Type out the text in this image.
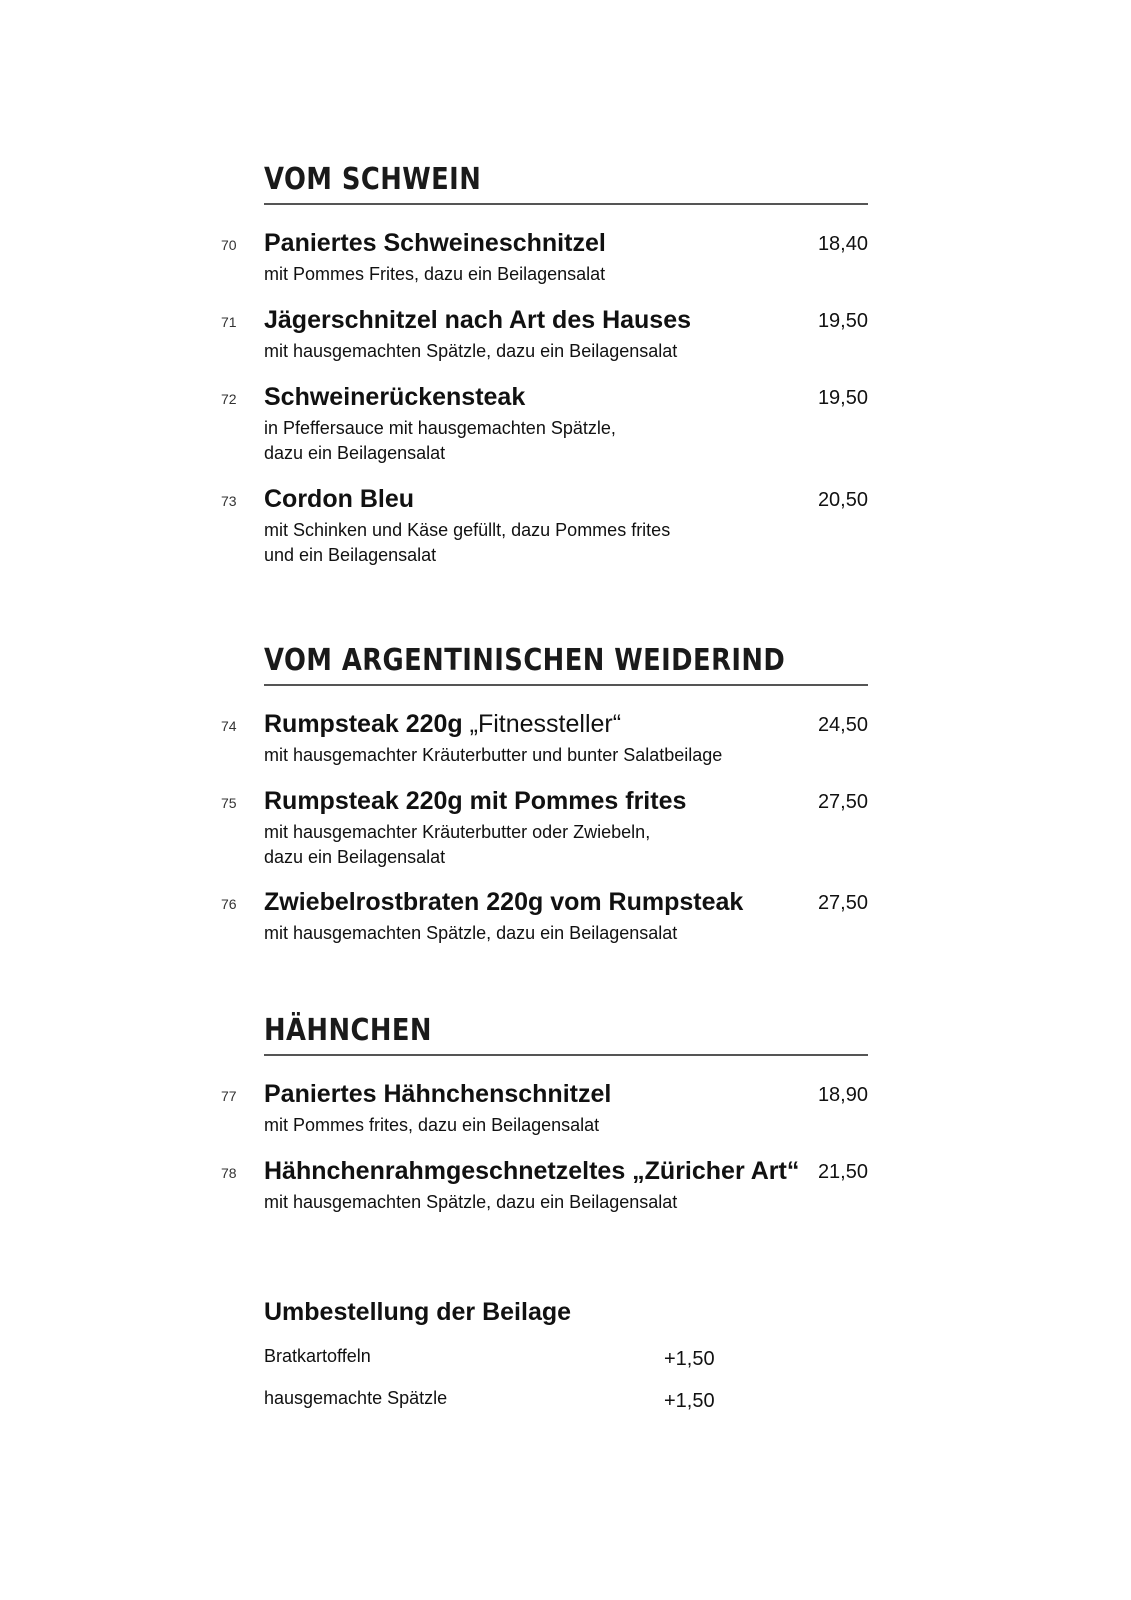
VOM SCHWEIN
70 Paniertes Schweineschnitzel	18,40
mit Pommes Frites, dazu ein Beilagensalat
71 Jägerschnitzel nach Art des Hauses	19,50
mit hausgemachten Spätzle, dazu ein Beilagensalat
72 Schweinerückensteak	19,50
in Pfeffersauce mit hausgemachten Spätzle,
dazu ein Beilagensalat
73 Cordon Bleu	20,50
mit Schinken und Käse gefüllt, dazu Pommes frites
und ein Beilagensalat
VOM ARGENTINISCHEN WEIDERIND
74 Rumpsteak 220g „Fitnessteller“	24,50
mit hausgemachter Kräuterbutter und bunter Salatbeilage
75 Rumpsteak 220g mit Pommes frites	27,50
mit hausgemachter Kräuterbutter oder Zwiebeln,
dazu ein Beilagensalat
76 Zwiebelrostbraten 220g vom Rumpsteak	27,50
mit hausgemachten Spätzle, dazu ein Beilagensalat
HÄHNCHEN
77 Paniertes Hähnchenschnitzel	18,90
mit Pommes frites, dazu ein Beilagensalat
78 Hähnchenrahmgeschnetzeltes „Züricher Art“ 21,50
mit hausgemachten Spätzle, dazu ein Beilagensalat
Umbestellung der Beilage
Bratkartoffeln	+1,50
hausgemachte Spätzle	+1,50
